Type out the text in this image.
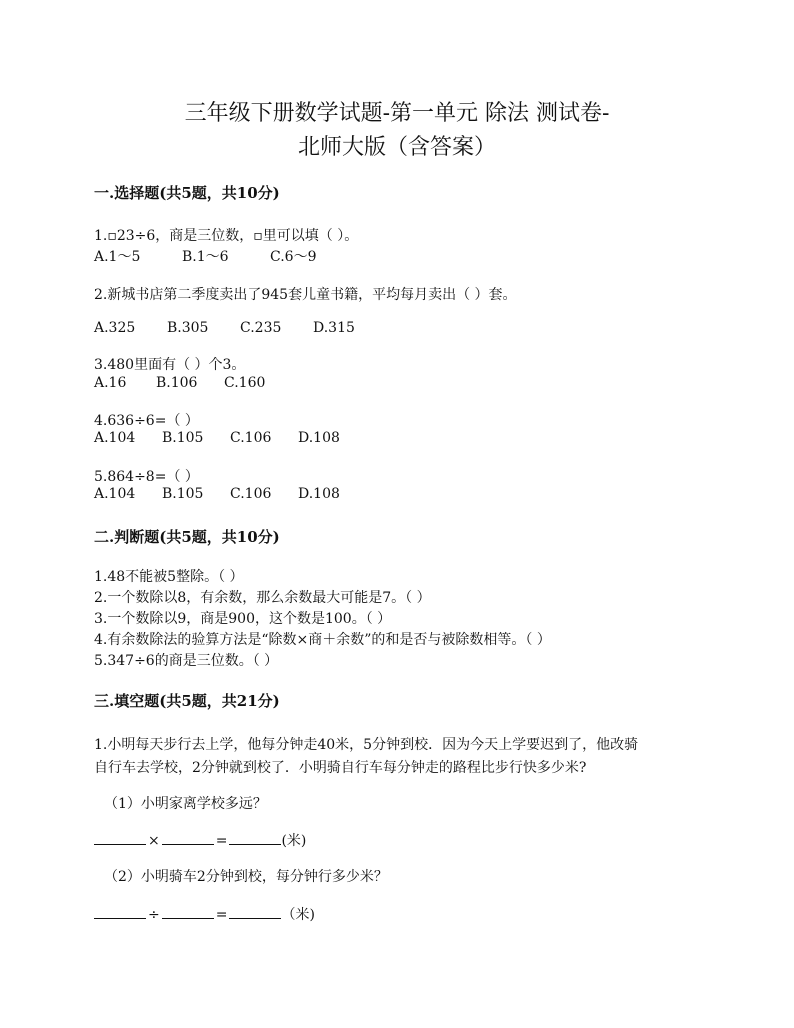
三年级下册数学试题-第一单元 除法 测试卷-
北师大版（含答案）
一.选择题(共5题，共10分)
1.▫23÷6，商是三位数，▫里可以填（ ）。
A.1～5	B.1～6	C.6～9
2.新城书店第二季度卖出了945套儿童书籍，平均每月卖出（ ）套。
A.325 B.305 C.235 D.315
3.480里面有（ ）个3。
A.16 B.106 C.160
4.636÷6=（ ）
A.104 B.105 C.106 D.108
5.864÷8=（ ）
A.104 B.105 C.106 D.108
二.判断题(共5题，共10分)
1.48不能被5整除。（ ）
2.一个数除以8，有余数，那么余数最大可能是7。（ ）
3.一个数除以9，商是900，这个数是100。（ ）
4.有余数除法的验算方法是“除数×商＋余数”的和是否与被除数相等。（ ）
5.347÷6的商是三位数。（ ）
三.填空题(共5题，共21分)
1.小明每天步行去上学，他每分钟走40米，5分钟到校．因为今天上学要迟到了，他改骑
自行车去学校，2分钟就到校了．小明骑自行车每分钟走的路程比步行快多少米?
（1）小明家离学校多远？
×	=	(米)
（2）小明骑车2分钟到校，每分钟行多少米？
÷	=	（米)
